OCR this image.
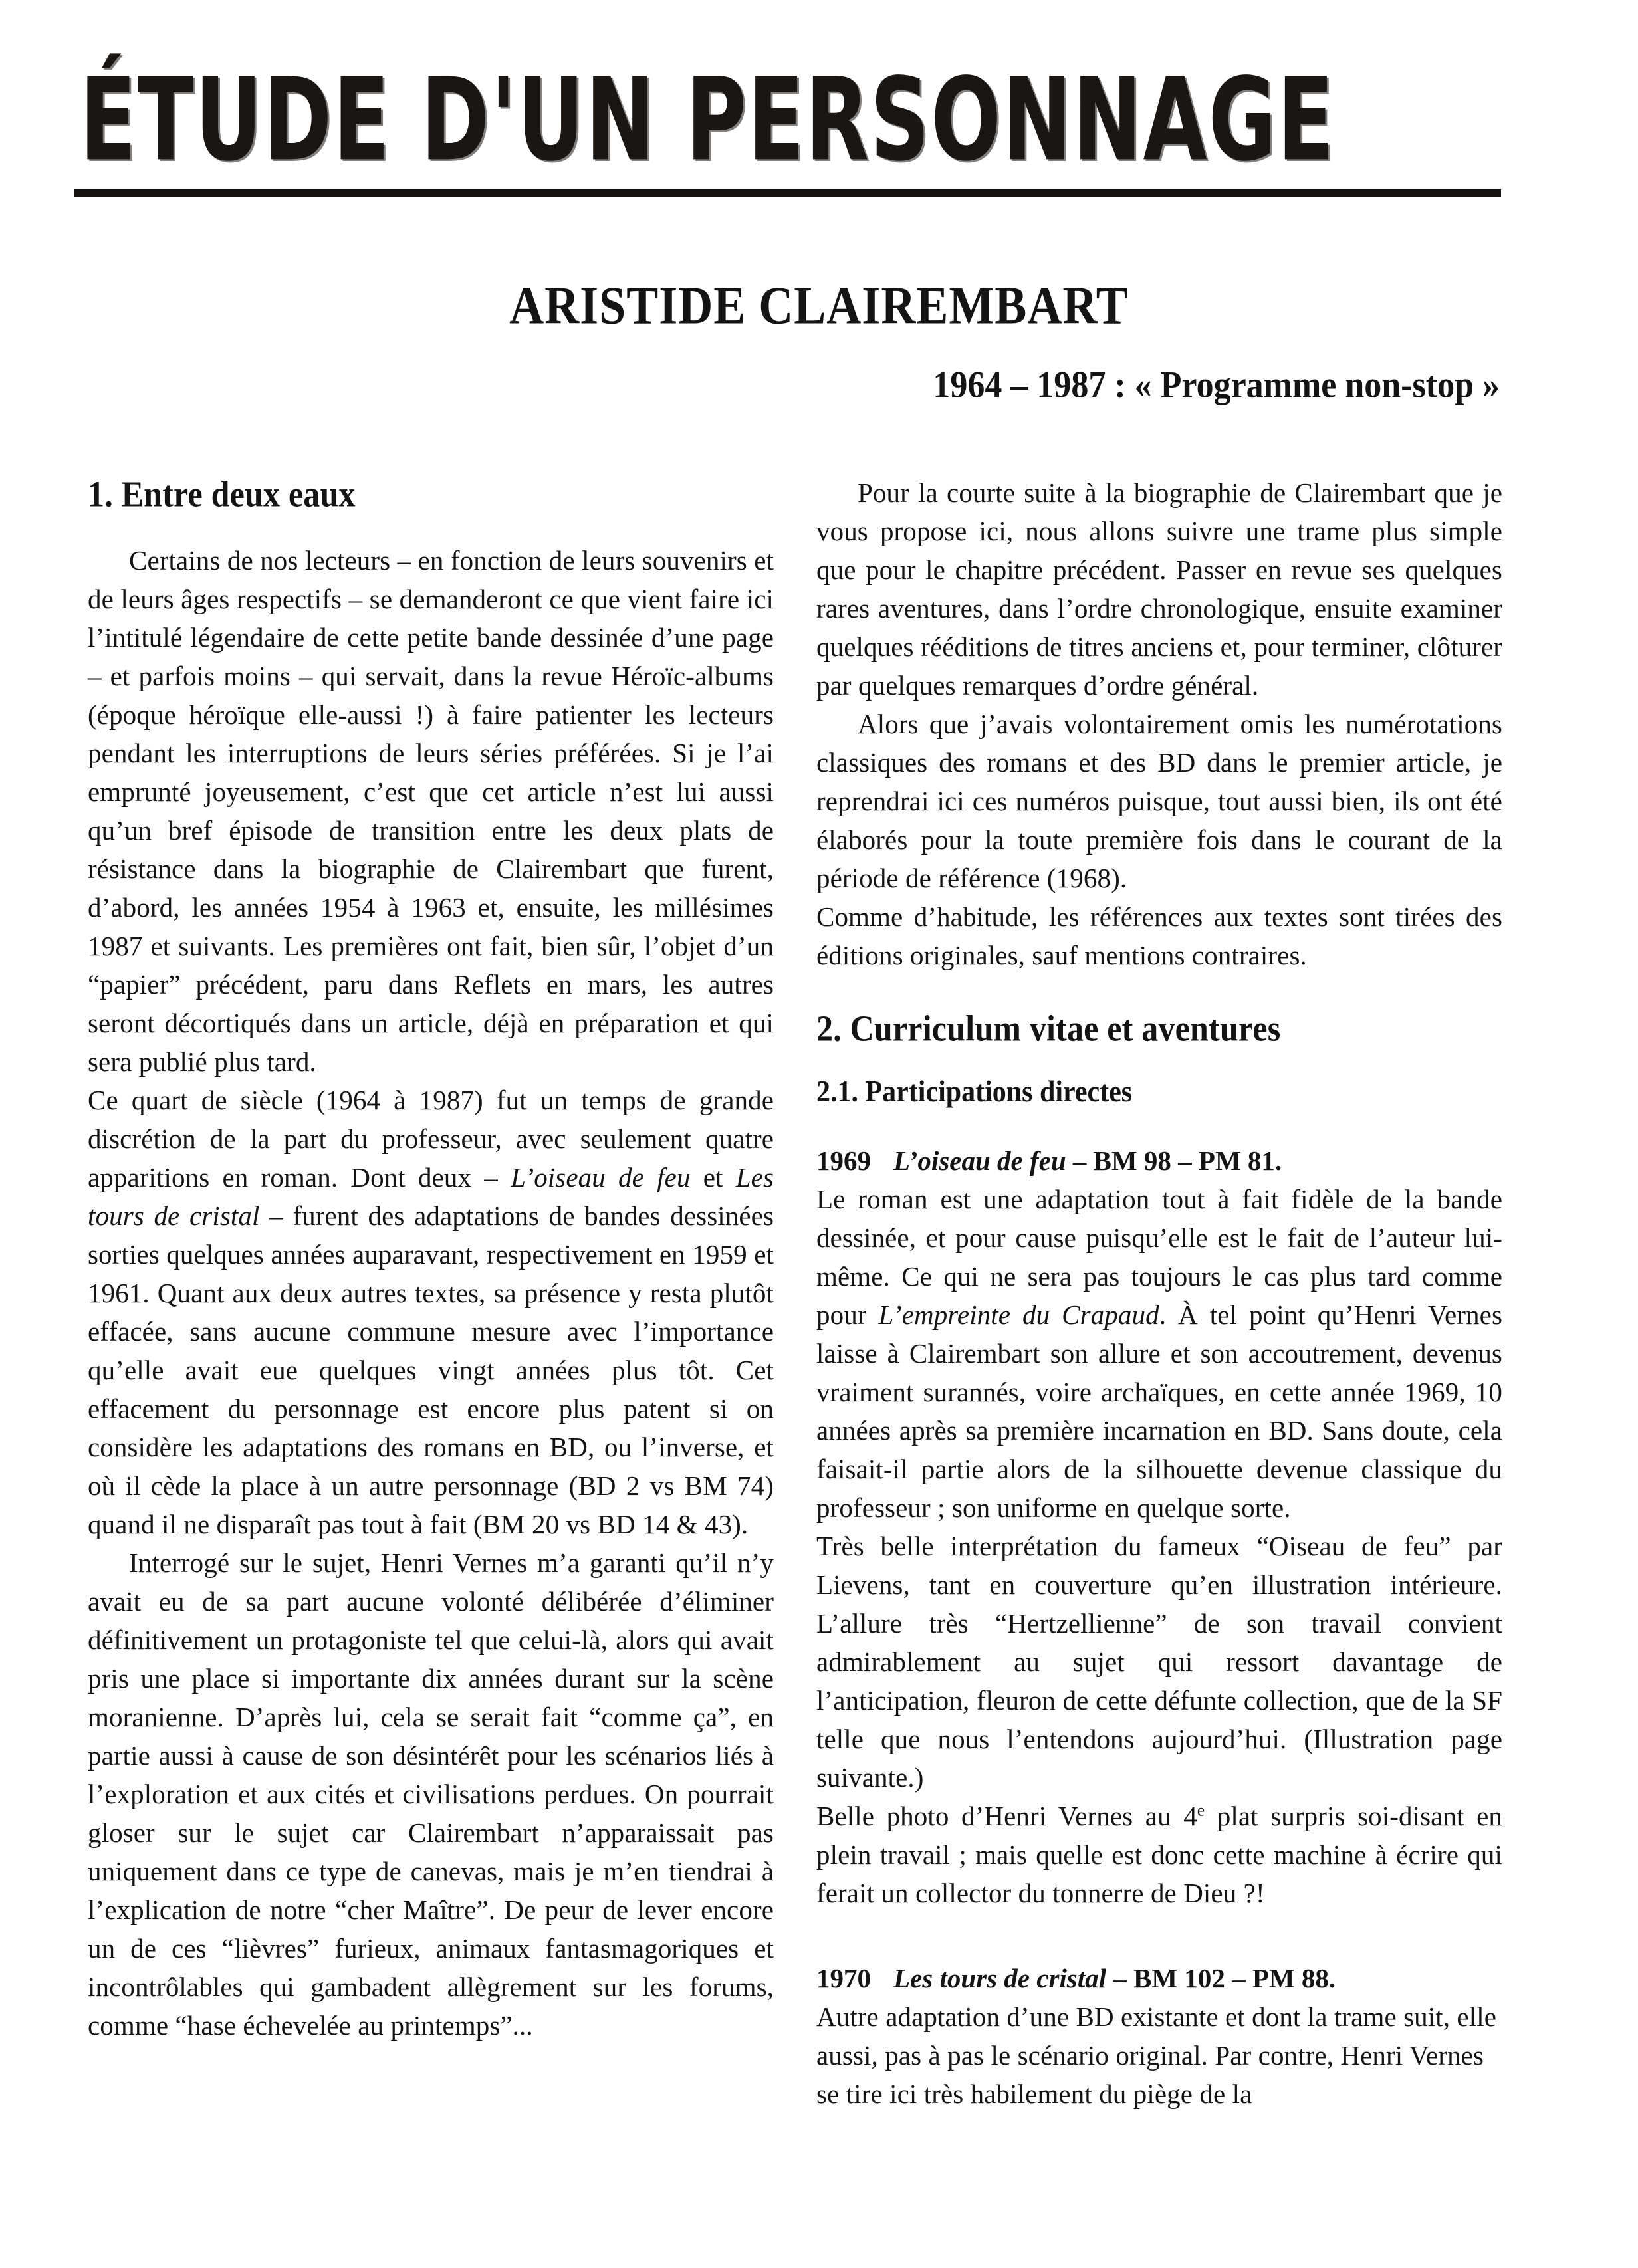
ÉTUDE D'UN PERSONNAGE
ARISTIDE CLAIREMBART
1964 – 1987 : « Programme non-stop »
1. Entre deux eaux

Certains de nos lecteurs – en fonction de leurs souvenirs et de leurs âges respectifs – se demanderont ce que vient faire ici l’intitulé légendaire de cette petite bande dessinée d’une page – et parfois moins – qui servait, dans la revue Héroïc-albums (époque héroïque elle-aussi !) à faire patienter les lecteurs pendant les interruptions de leurs séries préférées. Si je l’ai emprunté joyeusement, c’est que cet article n’est lui aussi qu’un bref épisode de transition entre les deux plats de résistance dans la biographie de Clairembart que furent, d’abord, les années 1954 à 1963 et, ensuite, les millésimes 1987 et suivants. Les premières ont fait, bien sûr, l’objet d’un “papier” précédent, paru dans Reflets en mars, les autres seront décortiqués dans un article, déjà en préparation et qui sera publié plus tard.

Ce quart de siècle (1964 à 1987) fut un temps de grande discrétion de la part du professeur, avec seulement quatre apparitions en roman. Dont deux – L’oiseau de feu et Les tours de cristal – furent des adaptations de bandes dessinées sorties quelques années auparavant, respectivement en 1959 et 1961. Quant aux deux autres textes, sa présence y resta plutôt effacée, sans aucune commune mesure avec l’importance qu’elle avait eue quelques vingt années plus tôt. Cet effacement du personnage est encore plus patent si on considère les adaptations des romans en BD, ou l’inverse, et où il cède la place à un autre personnage (BD 2 vs BM 74) quand il ne disparaît pas tout à fait (BM 20 vs BD 14 & 43).

Interrogé sur le sujet, Henri Vernes m’a garanti qu’il n’y avait eu de sa part aucune volonté délibérée d’éliminer définitivement un protagoniste tel que celui-là, alors qui avait pris une place si importante dix années durant sur la scène moranienne. D’après lui, cela se serait fait “comme ça”, en partie aussi à cause de son désintérêt pour les scénarios liés à l’exploration et aux cités et civilisations perdues. On pourrait gloser sur le sujet car Clairembart n’apparaissait pas uniquement dans ce type de canevas, mais je m’en tiendrai à l’explication de notre “cher Maître”. De peur de lever encore un de ces “lièvres” furieux, animaux fantasmagoriques et incontrôlables qui gambadent allègrement sur les forums, comme “hase échevelée au printemps”...

Pour la courte suite à la biographie de Clairembart que je vous propose ici, nous allons suivre une trame plus simple que pour le chapitre précédent. Passer en revue ses quelques rares aventures, dans l’ordre chronologique, ensuite examiner quelques rééditions de titres anciens et, pour terminer, clôturer par quelques remarques d’ordre général.

Alors que j’avais volontairement omis les numérotations classiques des romans et des BD dans le premier article, je reprendrai ici ces numéros puisque, tout aussi bien, ils ont été élaborés pour la toute première fois dans le courant de la période de référence (1968).

Comme d’habitude, les références aux textes sont tirées des éditions originales, sauf mentions contraires.

2. Curriculum vitae et aventures
2.1. Participations directes

1969 L’oiseau de feu – BM 98 – PM 81.

Le roman est une adaptation tout à fait fidèle de la bande dessinée, et pour cause puisqu’elle est le fait de l’auteur lui-même. Ce qui ne sera pas toujours le cas plus tard comme pour L’empreinte du Crapaud. À tel point qu’Henri Vernes laisse à Clairembart son allure et son accoutrement, devenus vraiment surannés, voire archaïques, en cette année 1969, 10 années après sa première incarnation en BD. Sans doute, cela faisait-il partie alors de la silhouette devenue classique du professeur ; son uniforme en quelque sorte.

Très belle interprétation du fameux “Oiseau de feu” par Lievens, tant en couverture qu’en illustration intérieure. L’allure très “Hertzellienne” de son travail convient admirablement au sujet qui ressort davantage de l’anticipation, fleuron de cette défunte collection, que de la SF telle que nous l’entendons aujourd’hui. (Illustration page suivante.)

Belle photo d’Henri Vernes au 4e plat surpris soi-disant en plein travail ; mais quelle est donc cette machine à écrire qui ferait un collector du tonnerre de Dieu ?!

1970 Les tours de cristal – BM 102 – PM 88.

Autre adaptation d’une BD existante et dont la trame suit, elle aussi, pas à pas le scénario original. Par contre, Henri Vernes se tire ici très habilement du piège de la
